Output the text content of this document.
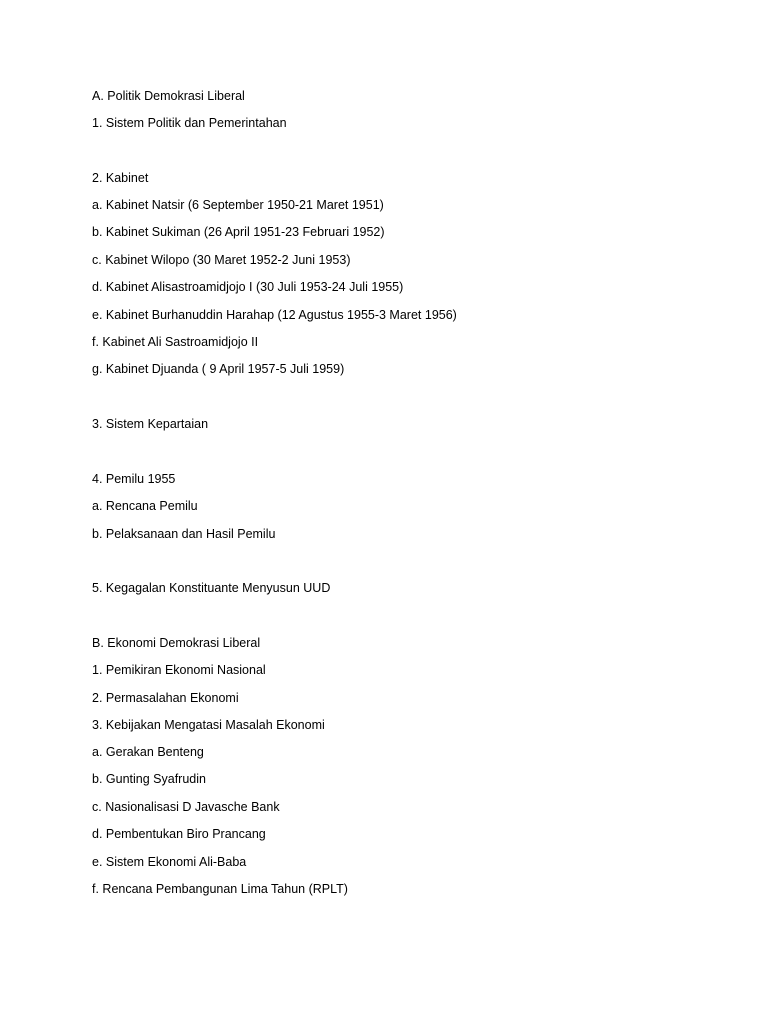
A. Politik Demokrasi Liberal
1. Sistem Politik dan Pemerintahan
2. Kabinet
a. Kabinet Natsir (6 September 1950-21 Maret 1951)
b. Kabinet Sukiman (26 April 1951-23 Februari 1952)
c. Kabinet Wilopo (30 Maret 1952-2 Juni 1953)
d. Kabinet Alisastroamidjojo I (30 Juli 1953-24 Juli 1955)
e. Kabinet Burhanuddin Harahap (12 Agustus 1955-3 Maret 1956)
f. Kabinet Ali Sastroamidjojo II
g. Kabinet Djuanda ( 9 April 1957-5 Juli 1959)
3. Sistem Kepartaian
4. Pemilu 1955
a. Rencana Pemilu
b. Pelaksanaan dan Hasil Pemilu
5. Kegagalan Konstituante Menyusun UUD
B. Ekonomi Demokrasi Liberal
1. Pemikiran Ekonomi Nasional
2. Permasalahan Ekonomi
3. Kebijakan Mengatasi Masalah Ekonomi
a. Gerakan Benteng
b. Gunting Syafrudin
c. Nasionalisasi D Javasche Bank
d. Pembentukan Biro Prancang
e. Sistem Ekonomi Ali-Baba
f. Rencana Pembangunan Lima Tahun (RPLT)
